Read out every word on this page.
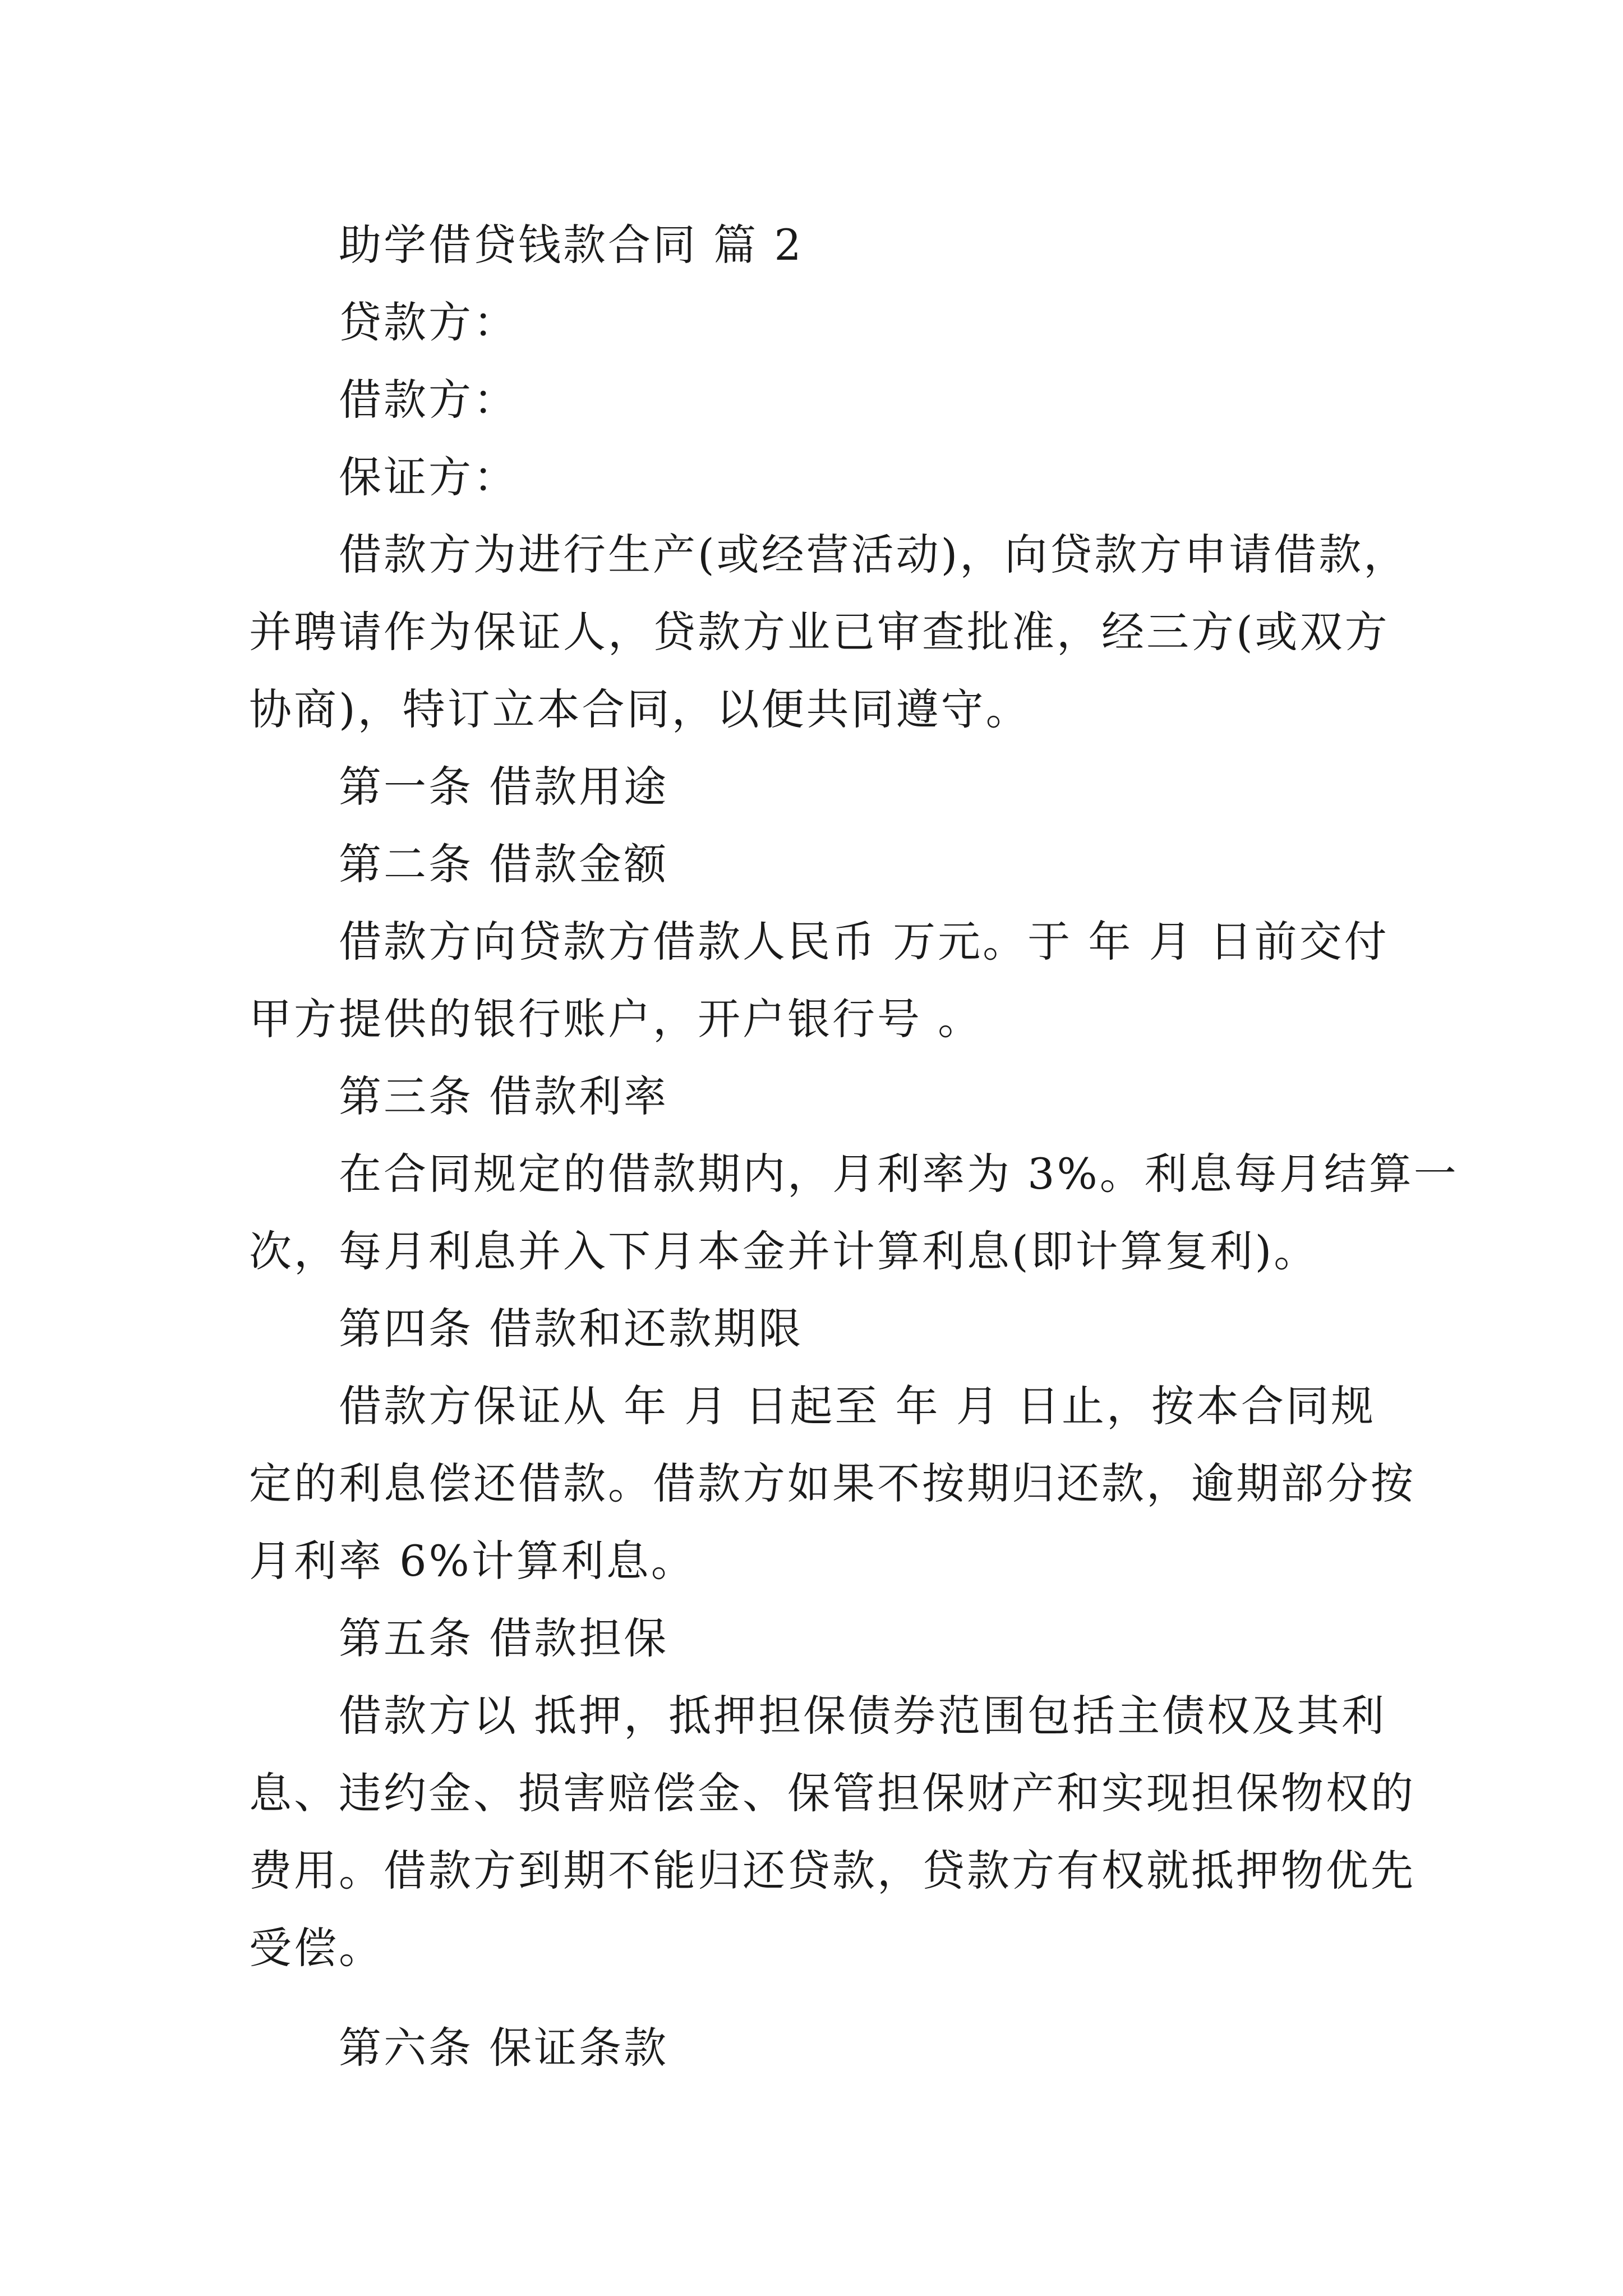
助学借贷钱款合同 篇 2
贷款方：
借款方：
保证方：
借款方为进行生产(或经营活动)，向贷款方申请借款，
并聘请作为保证人，贷款方业已审查批准，经三方(或双方
协商)，特订立本合同，以便共同遵守。
第一条 借款用途
第二条 借款金额
借款方向贷款方借款人民币 万元。于 年 月 日前交付
甲方提供的银行账户，开户银行号 。
第三条 借款利率
在合同规定的借款期内，月利率为 3%。利息每月结算一
次，每月利息并入下月本金并计算利息(即计算复利)。
第四条 借款和还款期限
借款方保证从 年 月 日起至 年 月 日止，按本合同规
定的利息偿还借款。借款方如果不按期归还款，逾期部分按
月利率 6%计算利息。
第五条 借款担保
借款方以 抵押，抵押担保债券范围包括主债权及其利
息、违约金、损害赔偿金、保管担保财产和实现担保物权的
费用。借款方到期不能归还贷款，贷款方有权就抵押物优先
受偿。
第六条 保证条款
